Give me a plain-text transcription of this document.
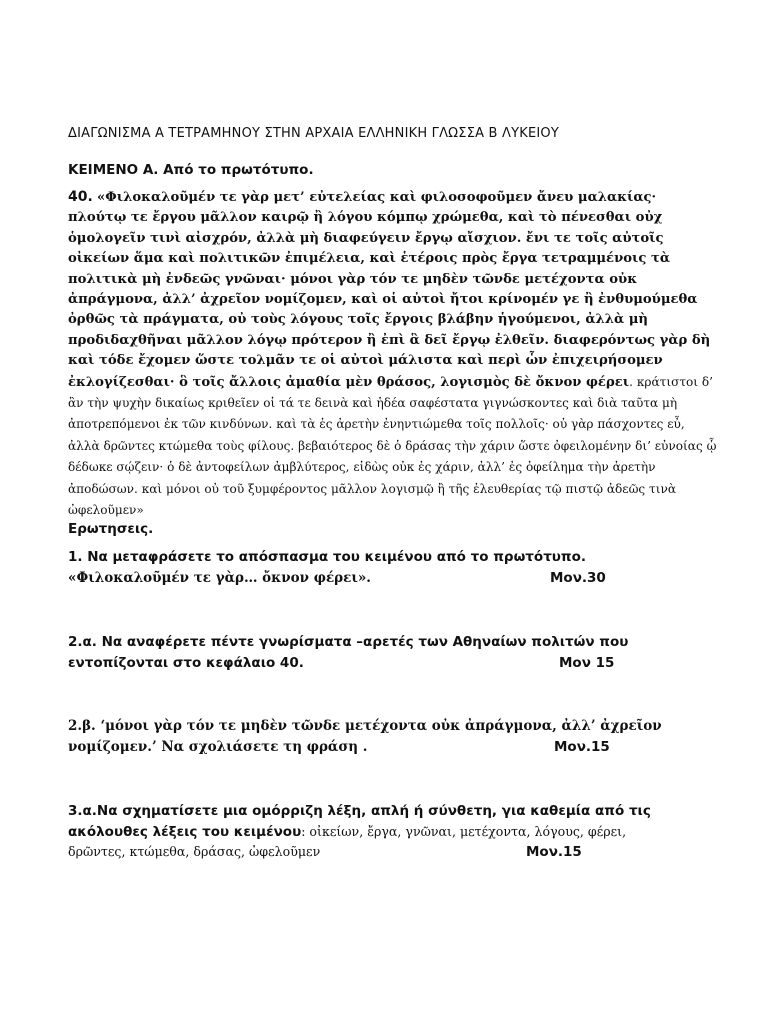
ΔΙΑΓΩΝΙΣΜΑ Α ΤΕΤΡΑΜΗΝΟΥ ΣΤΗΝ ΑΡΧΑΙΑ ΕΛΛΗΝΙΚΗ ΓΛΩΣΣΑ Β ΛΥΚΕΙΟΥ
ΚΕΙΜΕΝΟ Α. Από το πρωτότυπο.
40. «Φιλοκαλοῦμέν τε γὰρ μετ’ εὐτελείας καὶ φιλοσοφοῦμεν ἄνευ μαλακίας· πλούτῳ τε ἔργου μᾶλλον καιρῷ ἢ λόγου κόμπῳ χρώμεθα, καὶ τὸ πένεσθαι οὐχ ὁμολογεῖν τινὶ αἰσχρόν, ἀλλὰ μὴ διαφεύγειν ἔργῳ αἴσχιον. ἔνι τε τοῖς αὐτοῖς οἰκείων ἅμα καὶ πολιτικῶν ἐπιμέλεια, καὶ ἑτέροις πρὸς ἔργα τετραμμένοις τὰ πολιτικὰ μὴ ἐνδεῶς γνῶναι· μόνοι γὰρ τόν τε μηδὲν τῶνδε μετέχοντα οὐκ ἀπράγμονα, ἀλλ’ ἀχρεῖον νομίζομεν, καὶ οἱ αὐτοὶ ἤτοι κρίνομέν γε ἢ ἐνθυμούμεθα ὀρθῶς τὰ πράγματα, οὐ τοὺς λόγους τοῖς ἔργοις βλάβην ἡγούμενοι, ἀλλὰ μὴ προδιδαχθῆναι μᾶλλον λόγῳ πρότερον ἢ ἐπὶ ἃ δεῖ ἔργῳ ἐλθεῖν. διαφερόντως γὰρ δὴ καὶ τόδε ἔχομεν ὥστε τολμᾶν τε οἱ αὐτοὶ μάλιστα καὶ περὶ ὧν ἐπιχειρήσομεν ἐκλογίζεσθαι· ὃ τοῖς ἄλλοις ἀμαθία μὲν θράσος, λογισμὸς δὲ ὄκνον φέρει. κράτιστοι δ’ ἂν τὴν ψυχὴν δικαίως κριθεῖεν οἱ τά τε δεινὰ καὶ ἡδέα σαφέστατα γιγνώσκοντες καὶ διὰ ταῦτα μὴ ἀποτρεπόμενοι ἐκ τῶν κινδύνων. καὶ τὰ ἐς ἀρετὴν ἐνηντιώμεθα τοῖς πολλοῖς· οὐ γὰρ πάσχοντες εὖ, ἀλλὰ δρῶντες κτώμεθα τοὺς φίλους. βεβαιότερος δὲ ὁ δράσας τὴν χάριν ὥστε ὀφειλομένην δι’ εὐνοίας ᾧ δέδωκε σῴζειν· ὁ δὲ ἀντοφείλων ἀμβλύτερος, εἰδὼς οὐκ ἐς χάριν, ἀλλ’ ἐς ὀφείλημα τὴν ἀρετὴν ἀποδώσων. καὶ μόνοι οὐ τοῦ ξυμφέροντος μᾶλλον λογισμῷ ἢ τῆς ἐλευθερίας τῷ πιστῷ ἀδεῶς τινὰ ὠφελοῦμεν»
Ερωτησεις.
1. Να μεταφράσετε το απόσπασμα του κειμένου από το πρωτότυπο.
«Φιλοκαλοῦμέν τε γὰρ… ὄκνον φέρει».	Μον.30
2.α. Να αναφέρετε πέντε γνωρίσματα –αρετές των Αθηναίων πολιτών που
εντοπίζονται στο κεφάλαιο 40.	Μον 15
2.β. ‘μόνοι γὰρ τόν τε μηδὲν τῶνδε μετέχοντα οὐκ ἀπράγμονα, ἀλλ’ ἀχρεῖον
νομίζομεν.’ Να σχολιάσετε τη φράση .	Μον.15
3.α.Να σχηματίσετε μια ομόρριζη λέξη, απλή ή σύνθετη, για καθεμία από τις
ακόλουθες λέξεις του κειμένου: οἰκείων, ἔργα, γνῶναι, μετέχοντα, λόγους, φέρει,
δρῶντες, κτώμεθα, δράσας, ὠφελοῦμεν	Μον.15
